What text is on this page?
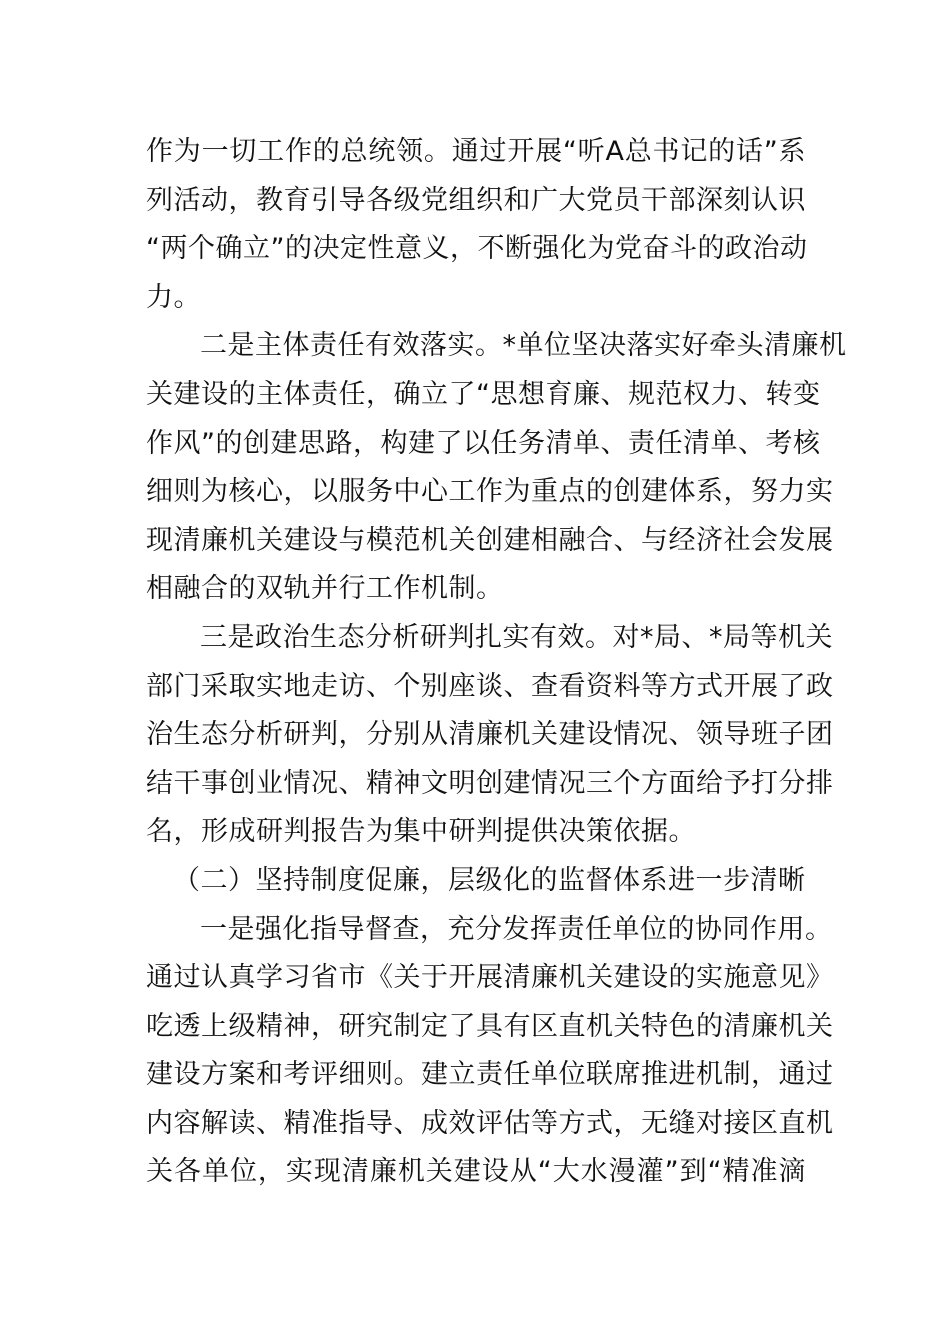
作为一切工作的总统领。通过开展“听A总书记的话”系
列活动，教育引导各级党组织和广大党员干部深刻认识
“两个确立”的决定性意义，不断强化为党奋斗的政治动
力。
二是主体责任有效落实。*单位坚决落实好牵头清廉机
关建设的主体责任，确立了“思想育廉、规范权力、转变
作风”的创建思路，构建了以任务清单、责任清单、考核
细则为核心，以服务中心工作为重点的创建体系，努力实
现清廉机关建设与模范机关创建相融合、与经济社会发展
相融合的双轨并行工作机制。
三是政治生态分析研判扎实有效。对*局、*局等机关
部门采取实地走访、个别座谈、查看资料等方式开展了政
治生态分析研判，分别从清廉机关建设情况、领导班子团
结干事创业情况、精神文明创建情况三个方面给予打分排
名，形成研判报告为集中研判提供决策依据。
（二）坚持制度促廉，层级化的监督体系进一步清晰
一是强化指导督查，充分发挥责任单位的协同作用。
通过认真学习省市《关于开展清廉机关建设的实施意见》
吃透上级精神，研究制定了具有区直机关特色的清廉机关
建设方案和考评细则。建立责任单位联席推进机制，通过
内容解读、精准指导、成效评估等方式，无缝对接区直机
关各单位，实现清廉机关建设从“大水漫灌”到“精准滴
